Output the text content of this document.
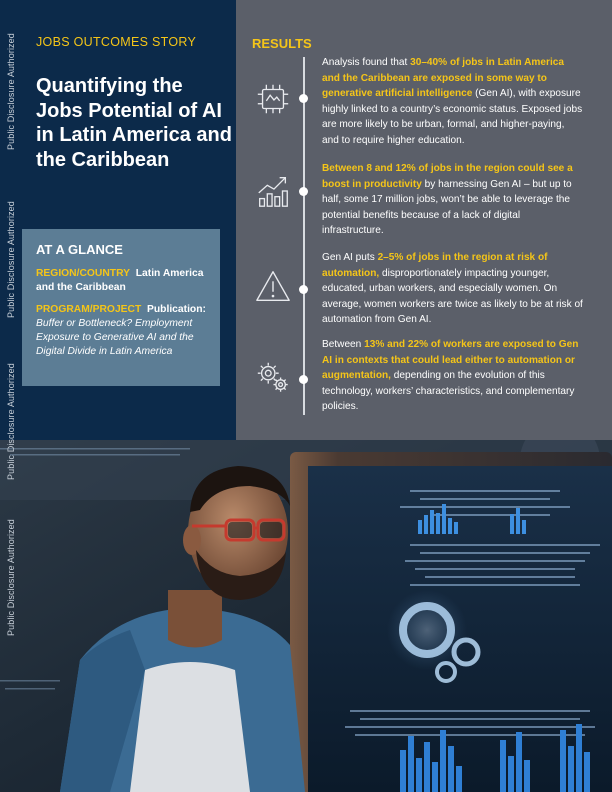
JOBS OUTCOMES STORY
Quantifying the Jobs Potential of AI in Latin America and the Caribbean
AT A GLANCE
REGION/COUNTRY Latin America and the Caribbean
PROGRAM/PROJECT Publication:
Buffer or Bottleneck? Employment Exposure to Generative AI and the Digital Divide in Latin America
Public Disclosure Authorized
Public Disclosure Authorized
Public Disclosure Authorized
Public Disclosure Authorized
RESULTS
Analysis found that 30–40% of jobs in Latin America and the Caribbean are exposed in some way to generative artificial intelligence (Gen AI), with exposure highly linked to a country’s economic status. Exposed jobs are more likely to be urban, formal, and higher-paying, and to require higher education.
Between 8 and 12% of jobs in the region could see a boost in productivity by harnessing Gen AI – but up to half, some 17 million jobs, won’t be able to leverage the potential benefits because of a lack of digital infrastructure.
Gen AI puts 2–5% of jobs in the region at risk of automation, disproportionately impacting younger, educated, urban workers, and especially women. On average, women workers are twice as likely to be at risk of automation from Gen AI.
Between 13% and 22% of workers are exposed to Gen AI in contexts that could lead either to automation or augmentation, depending on the evolution of this technology, workers’ characteristics, and complementary policies.
